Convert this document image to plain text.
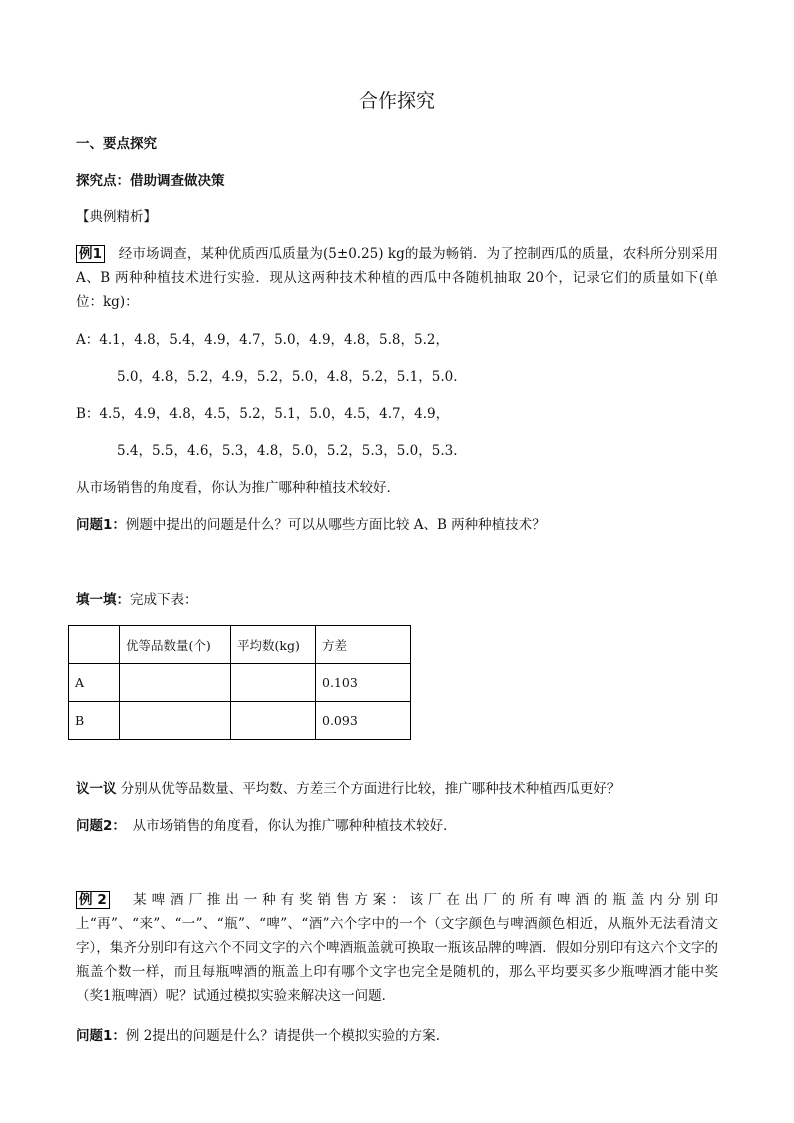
合作探究
一、要点探究
探究点：借助调查做决策
【典例精析】
例1　经市场调查，某种优质西瓜质量为(5±0.25) kg的最为畅销．为了控制西瓜的质量，农科所分别采用A、B 两种种植技术进行实验．现从这两种技术种植的西瓜中各随机抽取 20个，记录它们的质量如下(单位：kg)：
A：4.1，4.8，5.4，4.9，4.7，5.0，4.9，4.8，5.8，5.2，
5.0，4.8，5.2，4.9，5.2，5.0，4.8，5.2，5.1，5.0.
B：4.5，4.9，4.8，4.5，5.2，5.1，5.0，4.5，4.7，4.9，
5.4，5.5，4.6，5.3，4.8，5.0，5.2，5.3，5.0，5.3.
从市场销售的角度看，你认为推广哪种种植技术较好．
问题1：例题中提出的问题是什么？可以从哪些方面比较 A、B 两种种植技术？
填一填：完成下表：
	优等品数量(个)	平均数(kg)	方差
A			0.103
B			0.093
议一议 分别从优等品数量、平均数、方差三个方面进行比较，推广哪种技术种植西瓜更好？
问题2：　从市场销售的角度看，你认为推广哪种种植技术较好．
例2　某啤酒厂推出一种有奖销售方案：该厂在出厂的所有啤酒的瓶盖内分别印上“再”、“来”、“一”、“瓶”、“啤”、“酒”六个字中的一个（文字颜色与啤酒颜色相近，从瓶外无法看清文字），集齐分别印有这六个不同文字的六个啤酒瓶盖就可换取一瓶该品牌的啤酒．假如分别印有这六个文字的瓶盖个数一样，而且每瓶啤酒的瓶盖上印有哪个文字也完全是随机的，那么平均要买多少瓶啤酒才能中奖（奖1瓶啤酒）呢？试通过模拟实验来解决这一问题．
问题1：例 2提出的问题是什么？请提供一个模拟实验的方案.
